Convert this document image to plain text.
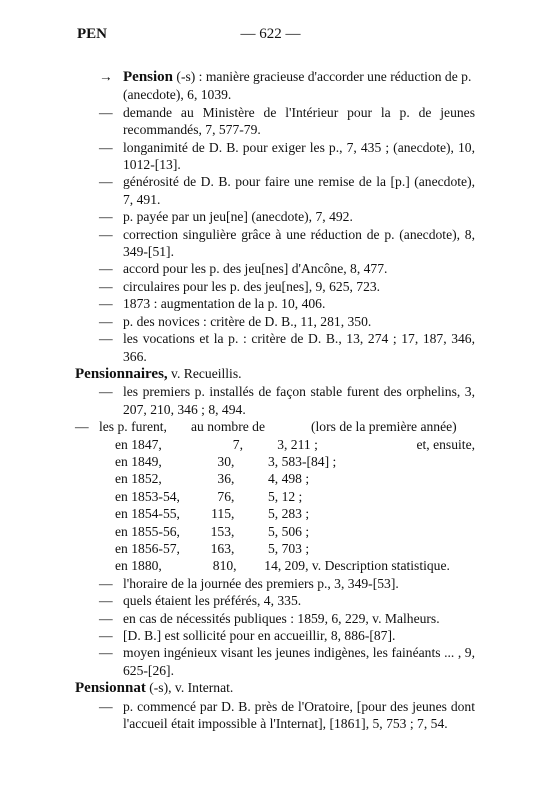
PEN	— 622 —
→ Pension (-s) : manière gracieuse d'accorder une réduction de p. (anecdote), 6, 1039.
— demande au Ministère de l'Intérieur pour la p. de jeunes recommandés, 7, 577-79.
— longanimité de D. B. pour exiger les p., 7, 435 ; (anecdote), 10, 1012-[13].
— générosité de D. B. pour faire une remise de la [p.] (anecdote), 7, 491.
— p. payée par un jeu[ne] (anecdote), 7, 492.
— correction singulière grâce à une réduction de p. (anecdote), 8, 349-[51].
— accord pour les p. des jeu[nes] d'Ancône, 8, 477.
— circulaires pour les p. des jeu[nes], 9, 625, 723.
— 1873 : augmentation de la p. 10, 406.
— p. des novices : critère de D. B., 11, 281, 350.
— les vocations et la p. : critère de D. B., 13, 274 ; 17, 187, 346, 366.
Pensionnaires, v. Recueillis.
— les premiers p. installés de façon stable furent des orphelins, 3, 207, 210, 346 ; 8, 494.
— les p. furent,	au nombre de	(lors de la première année)
en 1847,	7,	3, 211 ;	et, ensuite,
en 1849,	30,	3, 583-[84] ;
en 1852,	36,	4, 498 ;
en 1853-54,	76,	5, 12 ;
en 1854-55,	115,	5, 283 ;
en 1855-56,	153,	5, 506 ;
en 1856-57,	163,	5, 703 ;
en 1880,	810,	14, 209, v. Description statistique.
— l'horaire de la journée des premiers p., 3, 349-[53].
— quels étaient les préférés, 4, 335.
— en cas de nécessités publiques : 1859, 6, 229, v. Malheurs.
— [D. B.] est sollicité pour en accueillir, 8, 886-[87].
— moyen ingénieux visant les jeunes indigènes, les fainéants ... , 9, 625-[26].
Pensionnat (-s), v. Internat.
— p. commencé par D. B. près de l'Oratoire, [pour des jeunes dont l'accueil était impossible à l'Internat], [1861], 5, 753 ; 7, 54.
